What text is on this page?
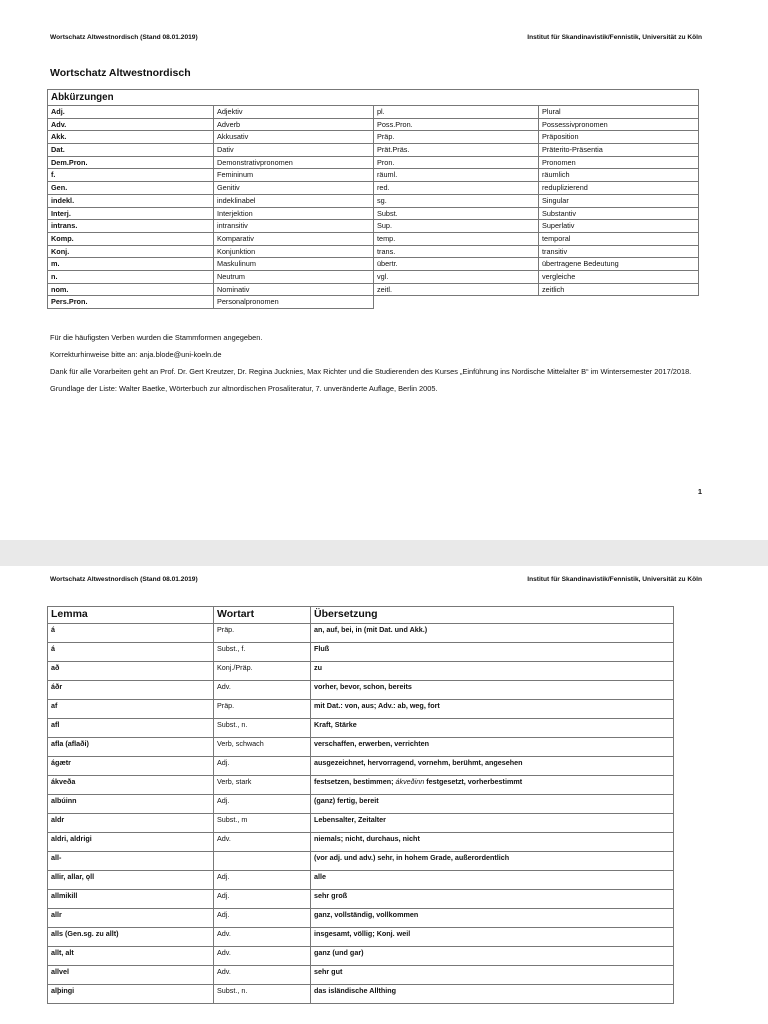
Wortschatz Altwestnordisch (Stand 08.01.2019)	Institut für Skandinavistik/Fennistik, Universität zu Köln
Wortschatz Altwestnordisch
Abkürzungen			
Adj.	Adjektiv	pl.	Plural
Adv.	Adverb	Poss.Pron.	Possessivpronomen
Akk.	Akkusativ	Präp.	Präposition
Dat.	Dativ	Prät.Präs.	Präterito-Präsentia
Dem.Pron.	Demonstrativpronomen	Pron.	Pronomen
f.	Femininum	räuml.	räumlich
Gen.	Genitiv	red.	reduplizierend
indekl.	indeklinabel	sg.	Singular
Interj.	Interjektion	Subst.	Substantiv
intrans.	intransitiv	Sup.	Superlativ
Komp.	Komparativ	temp.	temporal
Konj.	Konjunktion	trans.	transitiv
m.	Maskulinum	übertr.	übertragene Bedeutung
n.	Neutrum	vgl.	vergleiche
nom.	Nominativ	zeitl.	zeitlich
Pers.Pron.	Personalpronomen		

Für die häufigsten Verben wurden die Stammformen angegeben.

Korrekturhinweise bitte an: anja.blode@uni-koeln.de

Dank für alle Vorarbeiten geht an Prof. Dr. Gert Kreutzer, Dr. Regina Jucknies, Max Richter und die Studierenden des Kurses „Einführung ins Nordische Mittelalter B“ im Wintersemester 2017/2018.

Grundlage der Liste: Walter Baetke, Wörterbuch zur altnordischen Prosaliteratur, 7. unveränderte Auflage, Berlin 2005.

1
Wortschatz Altwestnordisch (Stand 08.01.2019)	Institut für Skandinavistik/Fennistik, Universität zu Köln
Lemma	Wortart	Übersetzung
á	Präp.	an, auf, bei, in (mit Dat. und Akk.)
á	Subst., f.	Fluß
að	Konj./Präp.	zu
áðr	Adv.	vorher, bevor, schon, bereits
af	Präp.	mit Dat.: von, aus; Adv.: ab, weg, fort
afl	Subst., n.	Kraft, Stärke
afla (aflaði)	Verb, schwach	verschaffen, erwerben, verrichten
ágætr	Adj.	ausgezeichnet, hervorragend, vornehm, berühmt, angesehen
ákveða	Verb, stark	festsetzen, bestimmen; ákveðinn festgesetzt, vorherbestimmt
albúinn	Adj.	(ganz) fertig, bereit
aldr	Subst., m	Lebensalter, Zeitalter
aldri, aldrigi	Adv.	niemals; nicht, durchaus, nicht
all-		(vor adj. und adv.) sehr, in hohem Grade, außerordentlich
allir, allar, ǫll	Adj.	alle
allmikill	Adj.	sehr groß
allr	Adj.	ganz, vollständig, vollkommen
alls (Gen.sg. zu allt)	Adv.	insgesamt, völlig; Konj. weil
allt, alt	Adv.	ganz (und gar)
allvel	Adv.	sehr gut
alþingi	Subst., n.	das isländische Allthing
